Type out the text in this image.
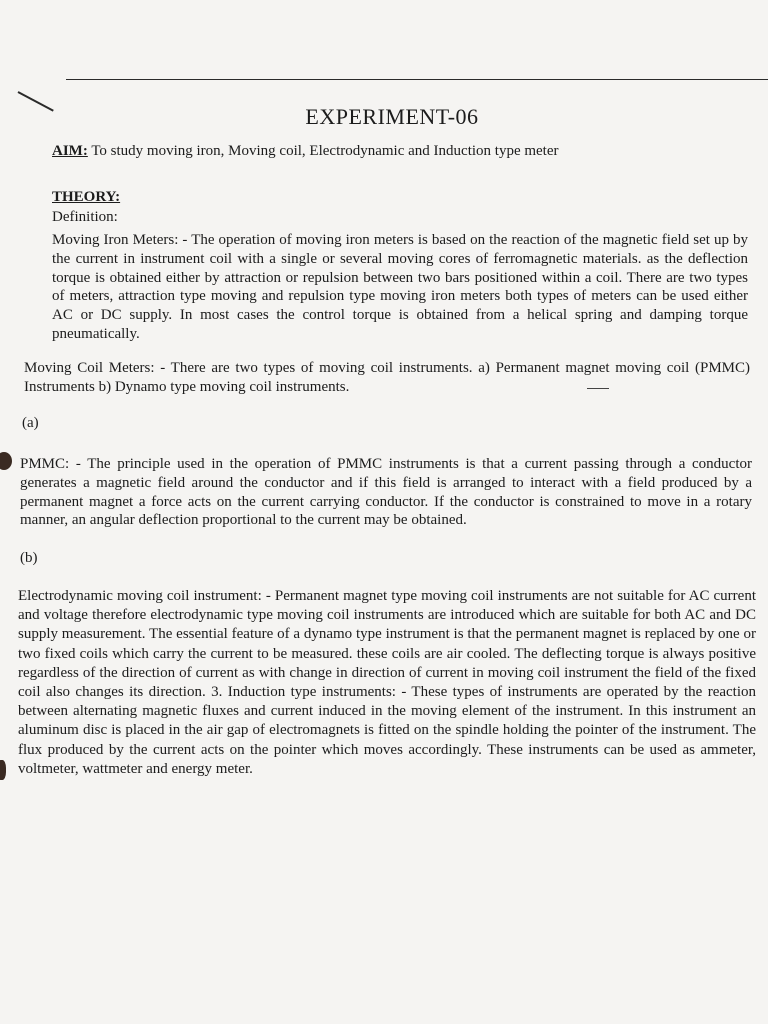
EXPERIMENT-06
AIM: To study moving iron, Moving coil, Electrodynamic and Induction type meter
THEORY:
Definition:
Moving Iron Meters: - The operation of moving iron meters is based on the reaction of the magnetic field set up by the current in instrument coil with a single or several moving cores of ferromagnetic materials. as the deflection torque is obtained either by attraction or repulsion between two bars positioned within a coil. There are two types of meters, attraction type moving and repulsion type moving iron meters both types of meters can be used either AC or DC supply. In most cases the control torque is obtained from a helical spring and damping torque pneumatically.
Moving Coil Meters: - There are two types of moving coil instruments. a) Permanent magnet moving coil (PMMC) Instruments b) Dynamo type moving coil instruments.
(a)
PMMC: - The principle used in the operation of PMMC instruments is that a current passing through a conductor generates a magnetic field around the conductor and if this field is arranged to interact with a field produced by a permanent magnet a force acts on the current carrying conductor. If the conductor is constrained to move in a rotary manner, an angular deflection proportional to the current may be obtained.
(b)
Electrodynamic moving coil instrument: - Permanent magnet type moving coil instruments are not suitable for AC current and voltage therefore electrodynamic type moving coil instruments are introduced which are suitable for both AC and DC supply measurement. The essential feature of a dynamo type instrument is that the permanent magnet is replaced by one or two fixed coils which carry the current to be measured. these coils are air cooled. The deflecting torque is always positive regardless of the direction of current as with change in direction of current in moving coil instrument the field of the fixed coil also changes its direction. 3. Induction type instruments: - These types of instruments are operated by the reaction between alternating magnetic fluxes and current induced in the moving element of the instrument. In this instrument an aluminum disc is placed in the air gap of electromagnets is fitted on the spindle holding the pointer of the instrument. The flux produced by the current acts on the pointer which moves accordingly. These instruments can be used as ammeter, voltmeter, wattmeter and energy meter.
